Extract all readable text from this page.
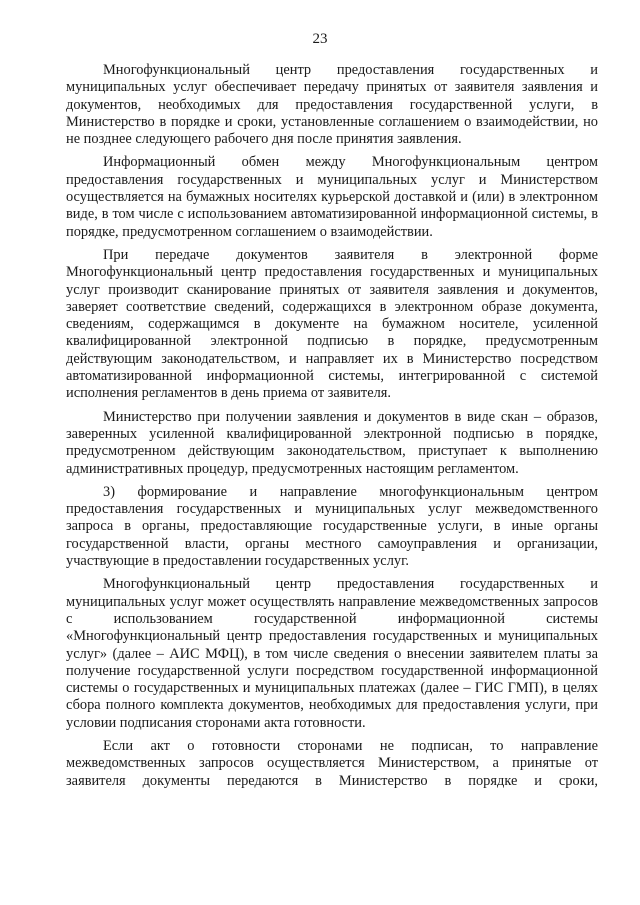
23

Многофункциональный центр предоставления государственных и муниципальных услуг обеспечивает передачу принятых от заявителя заявления и документов, необходимых для предоставления государственной услуги, в Министерство в порядке и сроки, установленные соглашением о взаимодействии, но не позднее следующего рабочего дня после принятия заявления.

Информационный обмен между Многофункциональным центром предоставления государственных и муниципальных услуг и Министерством осуществляется на бумажных носителях курьерской доставкой и (или) в электронном виде, в том числе с использованием автоматизированной информационной системы, в порядке, предусмотренном соглашением о взаимодействии.

При передаче документов заявителя в электронной форме Многофункциональный центр предоставления государственных и муниципальных услуг производит сканирование принятых от заявителя заявления и документов, заверяет соответствие сведений, содержащихся в электронном образе документа, сведениям, содержащимся в документе на бумажном носителе, усиленной квалифицированной электронной подписью в порядке, предусмотренным действующим законодательством, и направляет их в Министерство посредством автоматизированной информационной системы, интегрированной с системой исполнения регламентов в день приема от заявителя.

Министерство при получении заявления и документов в виде скан – образов, заверенных усиленной квалифицированной электронной подписью в порядке, предусмотренном действующим законодательством, приступает к выполнению административных процедур, предусмотренных настоящим регламентом.

3) формирование и направление многофункциональным центром предоставления государственных и муниципальных услуг межведомственного запроса в органы, предоставляющие государственные услуги, в иные органы государственной власти, органы местного самоуправления и организации, участвующие в предоставлении государственных услуг.

Многофункциональный центр предоставления государственных и муниципальных услуг может осуществлять направление межведомственных запросов с использованием государственной информационной системы «Многофункциональный центр предоставления государственных и муниципальных услуг» (далее – АИС МФЦ), в том числе сведения о внесении заявителем платы за получение государственной услуги посредством государственной информационной системы о государственных и муниципальных платежах (далее – ГИС ГМП), в целях сбора полного комплекта документов, необходимых для предоставления услуги, при условии подписания сторонами акта готовности.

Если акт о готовности сторонами не подписан, то направление межведомственных запросов осуществляется Министерством, а принятые от заявителя документы передаются в Министерство в порядке и сроки,
